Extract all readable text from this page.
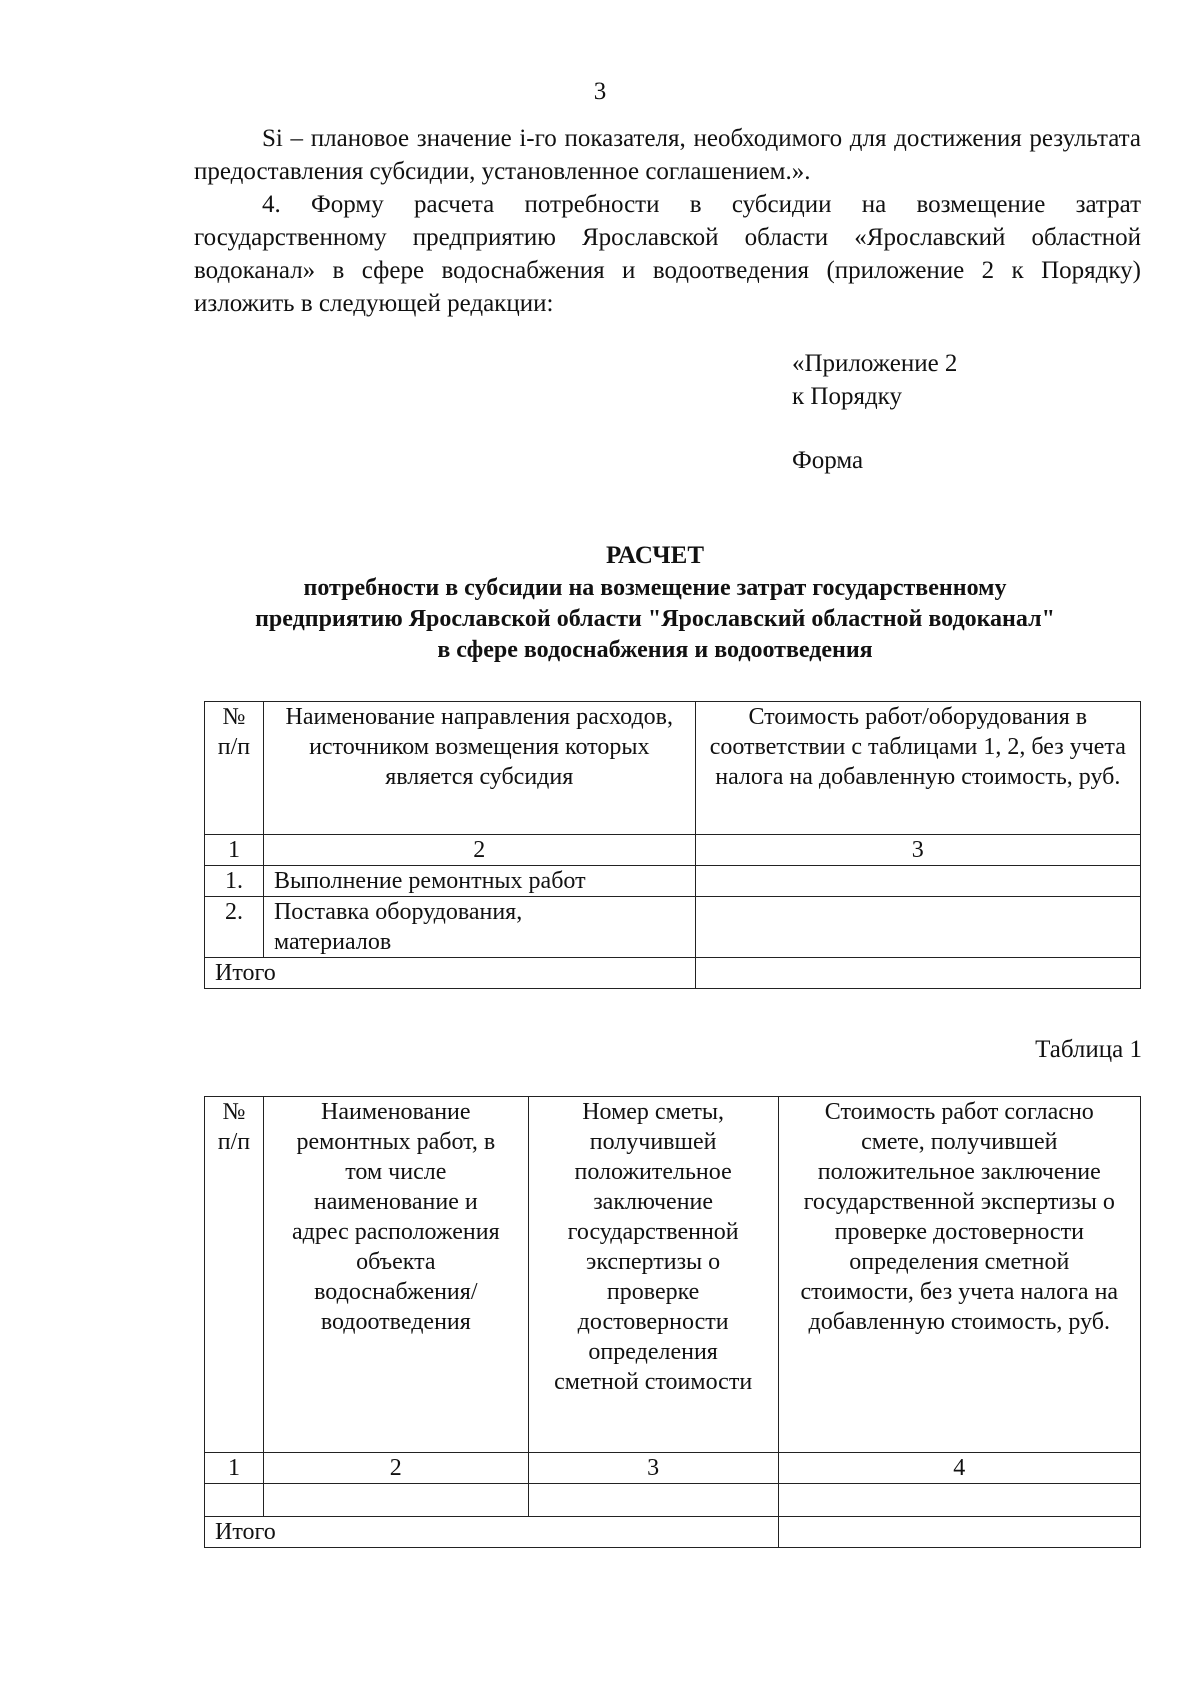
3

Si – плановое значение i-го показателя, необходимого для достижения результата предоставления субсидии, установленное соглашением.».

4. Форму расчета потребности в субсидии на возмещение затрат государственному предприятию Ярославской области «Ярославский областной водоканал» в сфере водоснабжения и водоотведения (приложение 2 к Порядку) изложить в следующей редакции:

«Приложение 2
к Порядку
Форма
РАСЧЕТ
потребности в субсидии на возмещение затрат государственному
предприятию Ярославской области "Ярославский областной водоканал"
в сфере водоснабжения и водоотведения
№ п/п	Наименование направления расходов, источником возмещения которых является субсидия	Стоимость работ/оборудования в соответствии с таблицами 1, 2, без учета налога на добавленную стоимость, руб.
1	2	3
1.	Выполнение ремонтных работ	
2.	Поставка оборудования, материалов	
Итого		
Таблица 1
№ п/п	Наименование ремонтных работ, в том числе наименование и адрес расположения объекта водоснабжения/ водоотведения	Номер сметы, получившей положительное заключение государственной экспертизы о проверке достоверности определения сметной стоимости	Стоимость работ согласно смете, получившей положительное заключение государственной экспертизы о проверке достоверности определения сметной стоимости, без учета налога на добавленную стоимость, руб.
1	2	3	4

Итого			
